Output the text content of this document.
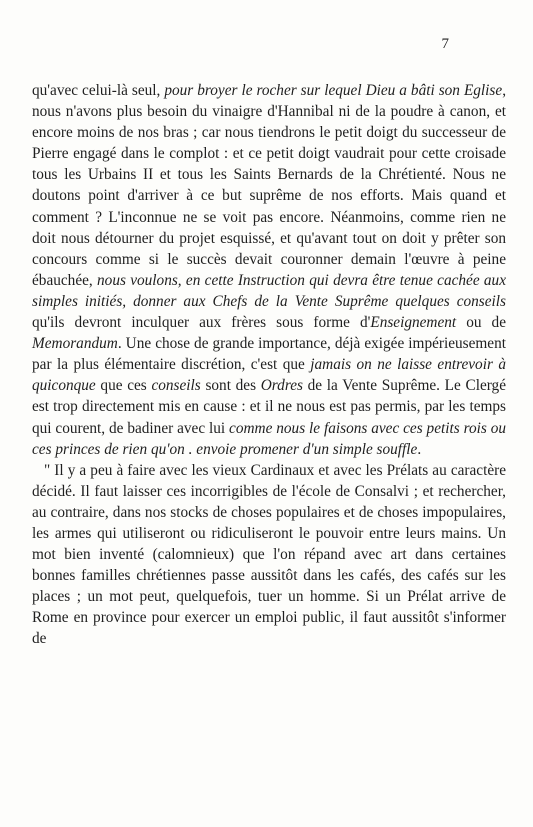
7

qu'avec celui-là seul, pour broyer le rocher sur lequel Dieu a bâti son Eglise, nous n'avons plus besoin du vinaigre d'Hannibal ni de la poudre à canon, et encore moins de nos bras ; car nous tiendrons le petit doigt du successeur de Pierre engagé dans le complot : et ce petit doigt vaudrait pour cette croisade tous les Urbains II et tous les Saints Bernards de la Chrétienté. Nous ne doutons point d'arriver à ce but suprême de nos efforts. Mais quand et comment ? L'inconnue ne se voit pas encore. Néanmoins, comme rien ne doit nous détourner du projet esquissé, et qu'avant tout on doit y prêter son concours comme si le succès devait couronner demain l'œuvre à peine ébauchée, nous voulons, en cette Instruction qui devra être tenue cachée aux simples initiés, donner aux Chefs de la Vente Suprême quelques conseils qu'ils devront inculquer aux frères sous forme d'Enseignement ou de Memorandum. Une chose de grande importance, déjà exigée impérieusement par la plus élémentaire discrétion, c'est que jamais on ne laisse entrevoir à quiconque que ces conseils sont des Ordres de la Vente Suprême. Le Clergé est trop directement mis en cause : et il ne nous est pas permis, par les temps qui courent, de badiner avec lui comme nous le faisons avec ces petits rois ou ces princes de rien qu'on . envoie promener d'un simple souffle.

" Il y a peu à faire avec les vieux Cardinaux et avec les Prélats au caractère décidé. Il faut laisser ces incorrigibles de l'école de Consalvi ; et rechercher, au contraire, dans nos stocks de choses populaires et de choses impopulaires, les armes qui utiliseront ou ridiculiseront le pouvoir entre leurs mains. Un mot bien inventé (calomnieux) que l'on répand avec art dans certaines bonnes familles chrétiennes passe aussitôt dans les cafés, des cafés sur les places ; un mot peut, quelquefois, tuer un homme. Si un Prélat arrive de Rome en province pour exercer un emploi public, il faut aussitôt s'informer de
